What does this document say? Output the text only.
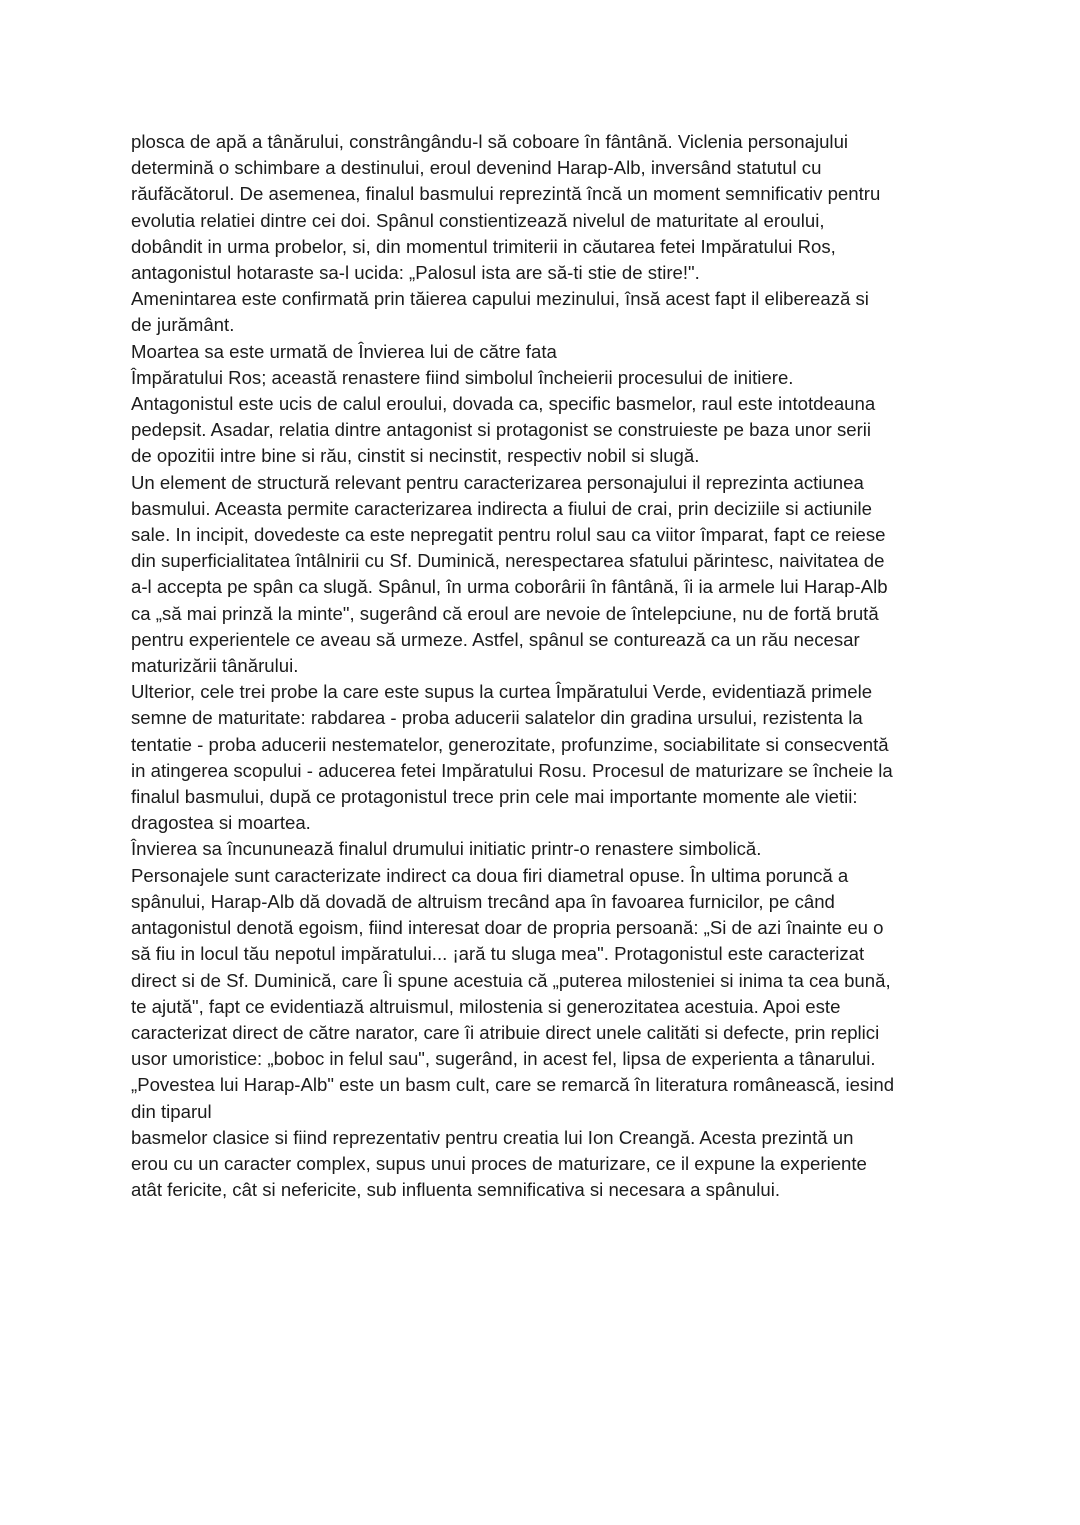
plosca de apă a tânărului, constrângându-l să coboare în fântână. Viclenia personajului
determină o schimbare a destinului, eroul devenind Harap-Alb, inversând statutul cu
răufăcătorul. De asemenea, finalul basmului reprezintă încă un moment semnificativ pentru
evolutia relatiei dintre cei doi. Spânul constientizează nivelul de maturitate al eroului,
dobândit in urma probelor, si, din momentul trimiterii in căutarea fetei Impăratului Ros,
antagonistul hotaraste sa-l ucida: „Palosul ista are să-ti stie de stire!".
Amenintarea este confirmată prin tăierea capului mezinului, însă acest fapt il eliberează si
de jurământ.
Moartea sa este urmată de Învierea lui de către fata
Împăratului Ros; această renastere fiind simbolul încheierii procesului de initiere.
Antagonistul este ucis de calul eroului, dovada ca, specific basmelor, raul este intotdeauna
pedepsit. Asadar, relatia dintre antagonist si protagonist se construieste pe baza unor serii
de opozitii intre bine si rău, cinstit si necinstit, respectiv nobil si slugă.
Un element de structură relevant pentru caracterizarea personajului il reprezinta actiunea
basmului. Aceasta permite caracterizarea indirecta a fiului de crai, prin deciziile si actiunile
sale. In incipit, dovedeste ca este nepregatit pentru rolul sau ca viitor împarat, fapt ce reiese
din superficialitatea întâlnirii cu Sf. Duminică, nerespectarea sfatului părintesc, naivitatea de
a-l accepta pe spân ca slugă. Spânul, în urma coborârii în fântână, îi ia armele lui Harap-Alb
ca „să mai prinză la minte", sugerând că eroul are nevoie de întelepciune, nu de fortă brută
pentru experientele ce aveau să urmeze. Astfel, spânul se conturează ca un rău necesar
maturizării tânărului.
Ulterior, cele trei probe la care este supus la curtea Împăratului Verde, evidentiază primele
semne de maturitate: rabdarea - proba aducerii salatelor din gradina ursului, rezistenta la
tentatie - proba aducerii nestematelor, generozitate, profunzime, sociabilitate si consecventă
in atingerea scopului - aducerea fetei Impăratului Rosu. Procesul de maturizare se încheie la
finalul basmului, după ce protagonistul trece prin cele mai importante momente ale vietii:
dragostea si moartea.
Învierea sa încununează finalul drumului initiatic printr-o renastere simbolică.
Personajele sunt caracterizate indirect ca doua firi diametral opuse. În ultima poruncă a
spânului, Harap-Alb dă dovadă de altruism trecând apa în favoarea furnicilor, pe când
antagonistul denotă egoism, fiind interesat doar de propria persoană: „Si de azi înainte eu o
să fiu in locul tău nepotul impăratului... ¡ară tu sluga mea". Protagonistul este caracterizat
direct si de Sf. Duminică, care Îi spune acestuia că „puterea milosteniei si inima ta cea bună,
te ajută", fapt ce evidentiază altruismul, milostenia si generozitatea acestuia. Apoi este
caracterizat direct de către narator, care îi atribuie direct unele calităti si defecte, prin replici
usor umoristice: „boboc in felul sau", sugerând, in acest fel, lipsa de experienta a tânarului.
„Povestea lui Harap-Alb" este un basm cult, care se remarcă în literatura românească, iesind
din tiparul
basmelor clasice si fiind reprezentativ pentru creatia lui Ion Creangă. Acesta prezintă un
erou cu un caracter complex, supus unui proces de maturizare, ce il expune la experiente
atât fericite, cât si nefericite, sub influenta semnificativa si necesara a spânului.
